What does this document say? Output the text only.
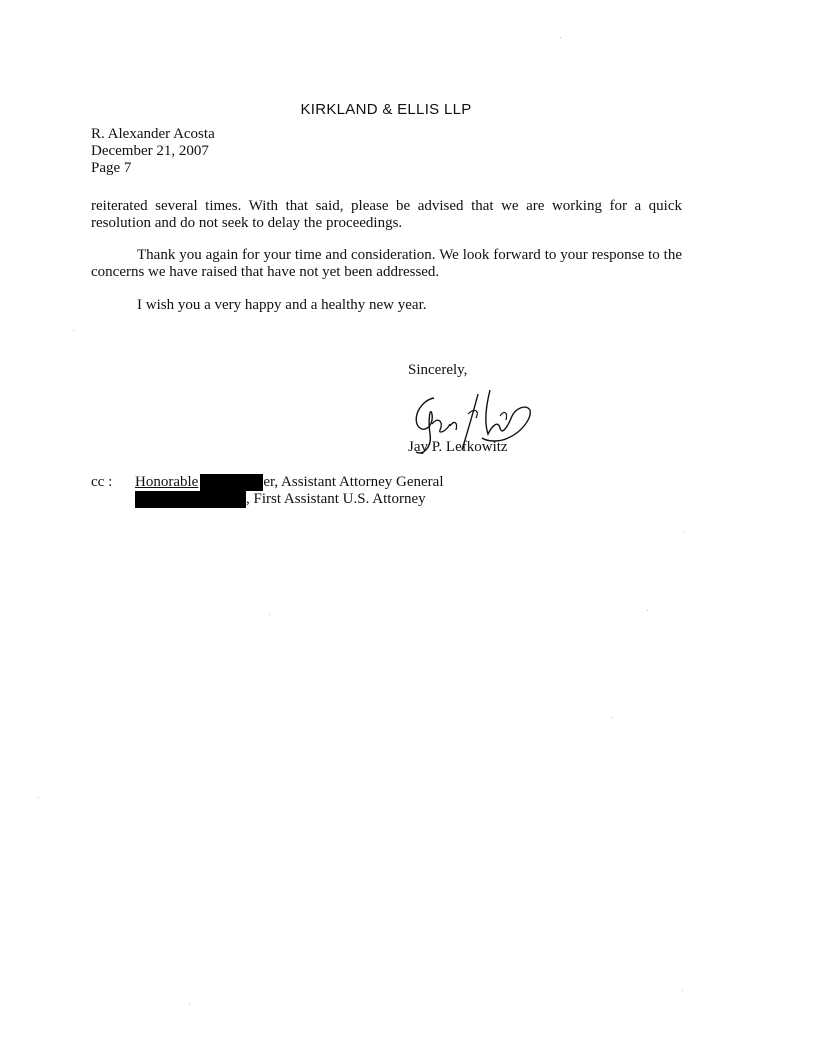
KIRKLAND & ELLIS LLP
R. Alexander Acosta
December 21, 2007
Page 7
reiterated several times. With that said, please be advised that we are working for a quick resolution and do not seek to delay the proceedings.
Thank you again for your time and consideration. We look forward to your response to the concerns we have raised that have not yet been addressed.
I wish you a very happy and a healthy new year.
Sincerely,
Jay P. Lefkowitz
cc : Honorable	er, Assistant Attorney General
, First Assistant U.S. Attorney
